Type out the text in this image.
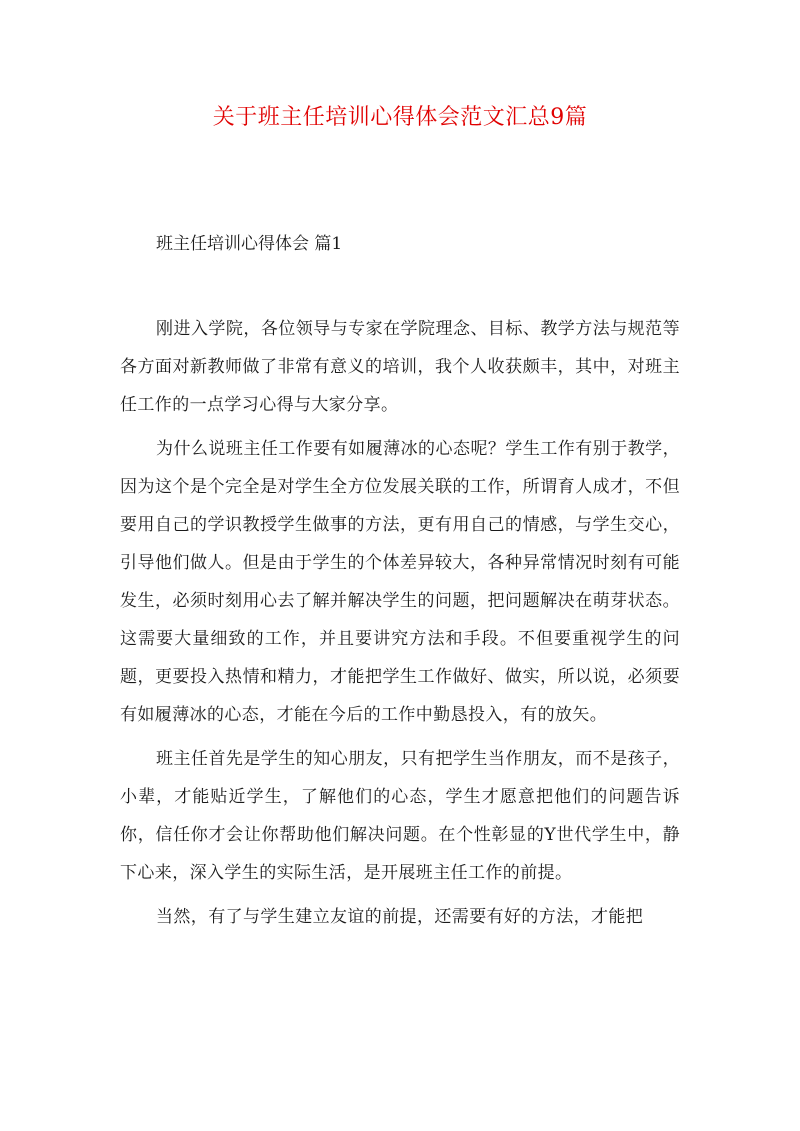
关于班主任培训心得体会范文汇总9篇
班主任培训心得体会 篇1

刚进入学院，各位领导与专家在学院理念、目标、教学方法与规范等各方面对新教师做了非常有意义的培训，我个人收获颇丰，其中，对班主任工作的一点学习心得与大家分享。

为什么说班主任工作要有如履薄冰的心态呢？学生工作有别于教学，因为这个是个完全是对学生全方位发展关联的工作，所谓育人成才，不但要用自己的学识教授学生做事的方法，更有用自己的情感，与学生交心，引导他们做人。但是由于学生的个体差异较大，各种异常情况时刻有可能发生，必须时刻用心去了解并解决学生的问题，把问题解决在萌芽状态。这需要大量细致的工作，并且要讲究方法和手段。不但要重视学生的问题，更要投入热情和精力，才能把学生工作做好、做实，所以说，必须要有如履薄冰的心态，才能在今后的工作中勤恳投入，有的放矢。

班主任首先是学生的知心朋友，只有把学生当作朋友，而不是孩子，小辈，才能贴近学生，了解他们的心态，学生才愿意把他们的问题告诉你，信任你才会让你帮助他们解决问题。在个性彰显的Y世代学生中，静下心来，深入学生的实际生活，是开展班主任工作的前提。

当然，有了与学生建立友谊的前提，还需要有好的方法，才能把
